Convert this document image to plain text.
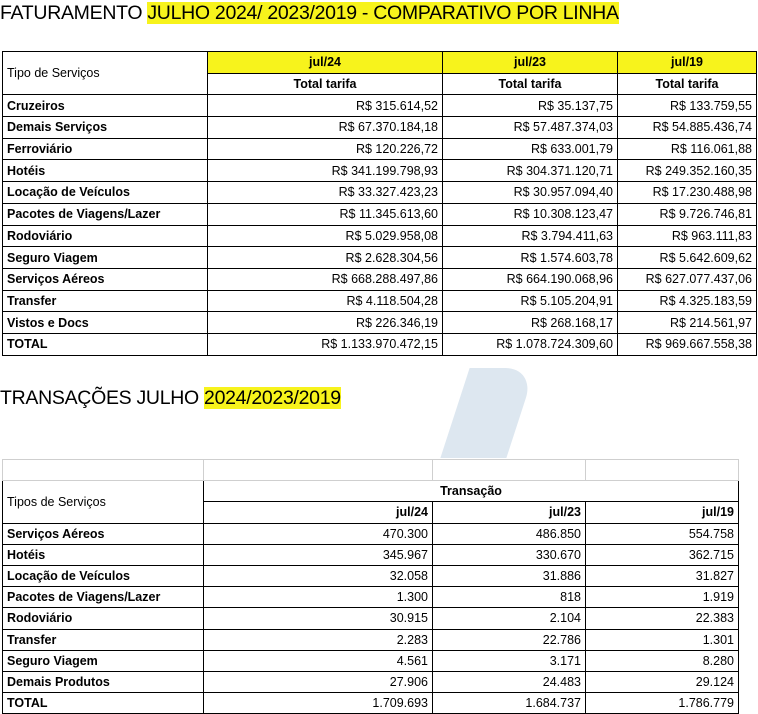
FATURAMENTO JULHO 2024/ 2023/2019 - COMPARATIVO POR LINHA
Tipo de Serviços	jul/24	jul/23	jul/19
	Total tarifa	Total tarifa	Total tarifa
Cruzeiros	R$ 315.614,52	R$ 35.137,75	R$ 133.759,55
Demais Serviços	R$ 67.370.184,18	R$ 57.487.374,03	R$ 54.885.436,74
Ferroviário	R$ 120.226,72	R$ 633.001,79	R$ 116.061,88
Hotéis	R$ 341.199.798,93	R$ 304.371.120,71	R$ 249.352.160,35
Locação de Veículos	R$ 33.327.423,23	R$ 30.957.094,40	R$ 17.230.488,98
Pacotes de Viagens/Lazer	R$ 11.345.613,60	R$ 10.308.123,47	R$ 9.726.746,81
Rodoviário	R$ 5.029.958,08	R$ 3.794.411,63	R$ 963.111,83
Seguro Viagem	R$ 2.628.304,56	R$ 1.574.603,78	R$ 5.642.609,62
Serviços Aéreos	R$ 668.288.497,86	R$ 664.190.068,96	R$ 627.077.437,06
Transfer	R$ 4.118.504,28	R$ 5.105.204,91	R$ 4.325.183,59
Vistos e Docs	R$ 226.346,19	R$ 268.168,17	R$ 214.561,97
TOTAL	R$ 1.133.970.472,15	R$ 1.078.724.309,60	R$ 969.667.558,38
TRANSAÇÕES JULHO 2024/2023/2019

Tipos de Serviços	Transação		
	jul/24	jul/23	jul/19
Serviços Aéreos	470.300	486.850	554.758
Hotéis	345.967	330.670	362.715
Locação de Veículos	32.058	31.886	31.827
Pacotes de Viagens/Lazer	1.300	818	1.919
Rodoviário	30.915	2.104	22.383
Transfer	2.283	22.786	1.301
Seguro Viagem	4.561	3.171	8.280
Demais Produtos	27.906	24.483	29.124
TOTAL	1.709.693	1.684.737	1.786.779
